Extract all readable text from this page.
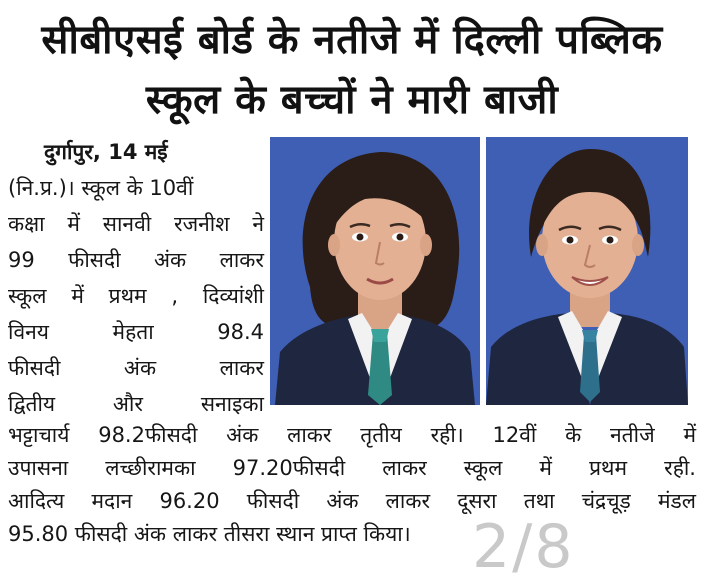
सीबीएसई बोर्ड के नतीजे में दिल्ली पब्लिक
स्कूल के बच्चों ने मारी बाजी
दुर्गापुर, 14 मई
(नि.प्र.)। स्कूल के 10वीं
कक्षा में सानवी रजनीश ने
99 फीसदी अंक लाकर
स्कूल में प्रथम , दिव्यांशी
विनय	मेहता	98.4
फीसदी	अंक	लाकर
द्वितीय	और	सनाइका
भट्टाचार्य 98.2फीसदी अंक लाकर तृतीय रही। 12वीं के नतीजे में
उपासना लच्छीरामका 97.20फीसदी लाकर स्कूल में प्रथम रही.
आदित्य मदान 96.20 फीसदी अंक लाकर दूसरा तथा चंद्रचूड़ मंडल
95.80 फीसदी अंक लाकर तीसरा स्थान प्राप्त किया।	2/8
